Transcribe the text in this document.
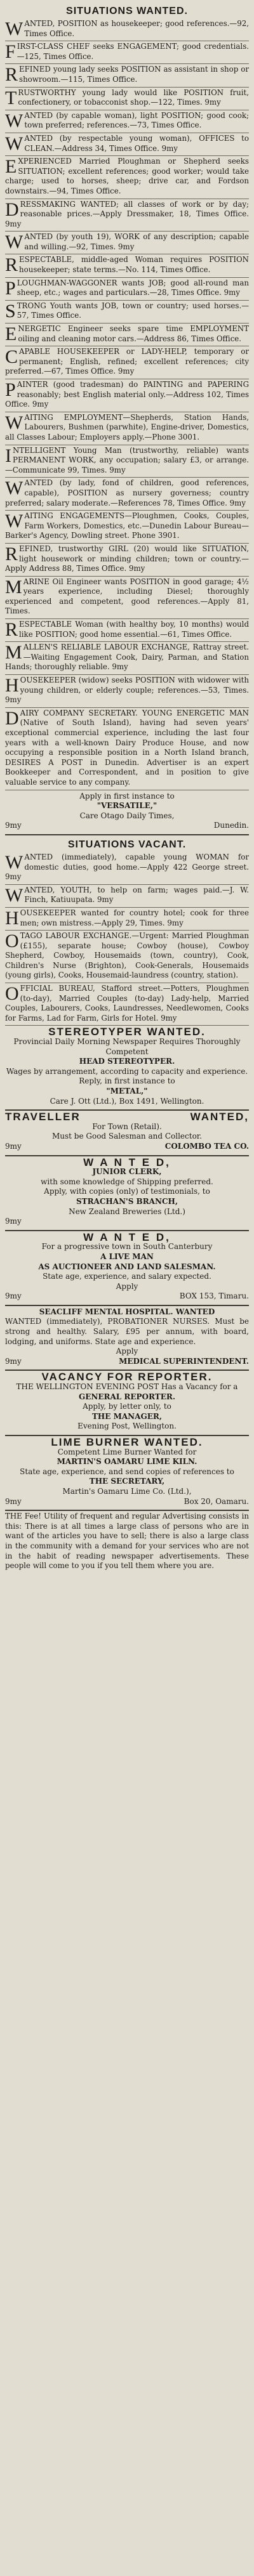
SITUATIONS WANTED.
WANTED, POSITION as housekeeper; good references.—92, Times Office.
FIRST-CLASS CHEF seeks ENGAGEMENT; good credentials.—125, Times Office.
REFINED young lady seeks POSITION as assistant in shop or showroom.—115, Times Office.
TRUSTWORTHY young lady would like POSITION fruit, confectionery, or tobacconist shop.—122, Times. 9my
WANTED (by capable woman), light POSITION; good cook; town preferred; references.—73, Times Office.
WANTED (by respectable young woman), OFFICES to CLEAN.—Address 34, Times Office. 9my
EXPERIENCED Married Ploughman or Shepherd seeks SITUATION; excellent references; good worker; would take charge; used to horses, sheep; drive car, and Fordson downstairs.—94, Times Office.
DRESSMAKING WANTED; all classes of work or by day; reasonable prices.—Apply Dressmaker, 18, Times Office. 9my
WANTED (by youth 19), WORK of any description; capable and willing.—92, Times. 9my
RESPECTABLE, middle-aged Woman requires POSITION housekeeper; state terms.—No. 114, Times Office.
PLOUGHMAN-WAGGONER wants JOB; good all-round man sheep, etc.; wages and particulars.—28, Times Office. 9my
STRONG Youth wants JOB, town or country; used horses.—57, Times Office.
ENERGETIC Engineer seeks spare time EMPLOYMENT oiling and cleaning motor cars.—Address 86, Times Office.
CAPABLE HOUSEKEEPER or LADY-HELP, temporary or permanent; English, refined; excellent references; city preferred.—67, Times Office. 9my
PAINTER (good tradesman) do PAINTING and PAPERING reasonably; best English material only.—Address 102, Times Office. 9my
WAITING EMPLOYMENT—Shepherds, Station Hands, Labourers, Bushmen (parwhite), Engine-driver, Domestics, all Classes Labour; Employers apply.—Phone 3001.
INTELLIGENT Young Man (trustworthy, reliable) wants PERMANENT WORK, any occupation; salary £3, or arrange.—Communicate 99, Times. 9my
WANTED (by lady, fond of children, good references, capable), POSITION as nursery governess; country preferred; salary moderate.—References 78, Times Office. 9my
WAITING ENGAGEMENTS—Ploughmen, Cooks, Couples, Farm Workers, Domestics, etc.—Dunedin Labour Bureau—Barker's Agency, Dowling street. Phone 3901.
REFINED, trustworthy GIRL (20) would like SITUATION, light housework or minding children; town or country.—Apply Address 88, Times Office. 9my
MARINE Oil Engineer wants POSITION in good garage; 4½ years experience, including Diesel; thoroughly experienced and competent, good references.—Apply 81, Times.
RESPECTABLE Woman (with healthy boy, 10 months) would like POSITION; good home essential.—61, Times Office.
MALLEN'S RELIABLE LABOUR EXCHANGE, Rattray street.—Waiting Engagement Cook, Dairy, Parman, and Station Hands; thoroughly reliable. 9my
HOUSEKEEPER (widow) seeks POSITION with widower with young children, or elderly couple; references.—53, Times. 9my
DAIRY COMPANY SECRETARY. YOUNG ENERGETIC MAN (Native of South Island), having had seven years' exceptional commercial experience, including the last four years with a well-known Dairy Produce House, and now occupying a responsible position in a North Island branch, DESIRES A POST in Dunedin. Advertiser is an expert Bookkeeper and Correspondent, and in position to give valuable service to any company.
Apply in first instance to
"VERSATILE,"
Care Otago Daily Times,
9my	Dunedin.
SITUATIONS VACANT.
WANTED (immediately), capable young WOMAN for domestic duties, good home.—Apply 422 George street. 9my
WANTED, YOUTH, to help on farm; wages paid.—J. W. Finch, Katiuupata. 9my
HOUSEKEEPER wanted for country hotel; cook for three men; own mistress.—Apply 29, Times. 9my
OTAGO LABOUR EXCHANGE.—Urgent: Married Ploughman (£155), separate house; Cowboy (house), Cowboy Shepherd, Cowboy, Housemaids (town, country), Cook, Children's Nurse (Brighton), Cook-Generals, Housemaids (young girls), Cooks, Housemaid-laundress (country, station).
OFFICIAL BUREAU, Stafford street.—Potters, Ploughmen (to-day), Married Couples (to-day) Lady-help, Married Couples, Labourers, Cooks, Laundresses, Needlewomen, Cooks for Farms, Lad for Farm, Girls for Hotel. 9my
STEREOTYPER WANTED.
Provincial Daily Morning Newspaper Requires Thoroughly Competent
HEAD STEREOTYPER.
Wages by arrangement, according to capacity and experience.
Reply, in first instance to
"METAL,"
Care J. Ott (Ltd.), Box 1491, Wellington.
TRAVELLER	WANTED,
For Town (Retail).
Must be Good Salesman and Collector.
9my	COLOMBO TEA CO.
W A N T E D,
JUNIOR CLERK,
with some knowledge of Shipping preferred.
Apply, with copies (only) of testimonials, to
STRACHAN'S BRANCH,
New Zealand Breweries (Ltd.)
9my
W A N T E D,
For a progressive town in South Canterbury
A LIVE MAN
AS AUCTIONEER AND LAND SALESMAN.
State age, experience, and salary expected.
Apply
9my	BOX 153, Timaru.
SEACLIFF MENTAL HOSPITAL. WANTED
WANTED (immediately), PROBATIONER NURSES. Must be strong and healthy. Salary, £95 per annum, with board, lodging, and uniforms. State age and experience.
Apply
9my	MEDICAL SUPERINTENDENT.
VACANCY FOR REPORTER.
THE WELLINGTON EVENING POST Has a Vacancy for a
GENERAL REPORTER.
Apply, by letter only, to
THE MANAGER,
Evening Post, Wellington.
LIME BURNER WANTED.
Competent Lime Burner Wanted for
MARTIN'S OAMARU LIME KILN.
State age, experience, and send copies of references to
THE SECRETARY,
Martin's Oamaru Lime Co. (Ltd.),
9my	Box 20, Oamaru.
THE Fee! Utility of frequent and regular Advertising consists in this: There is at all times a large class of persons who are in want of the articles you have to sell; there is also a large class in the community with a demand for your services who are not in the habit of reading newspaper advertisements. These people will come to you if you tell them where you are.
